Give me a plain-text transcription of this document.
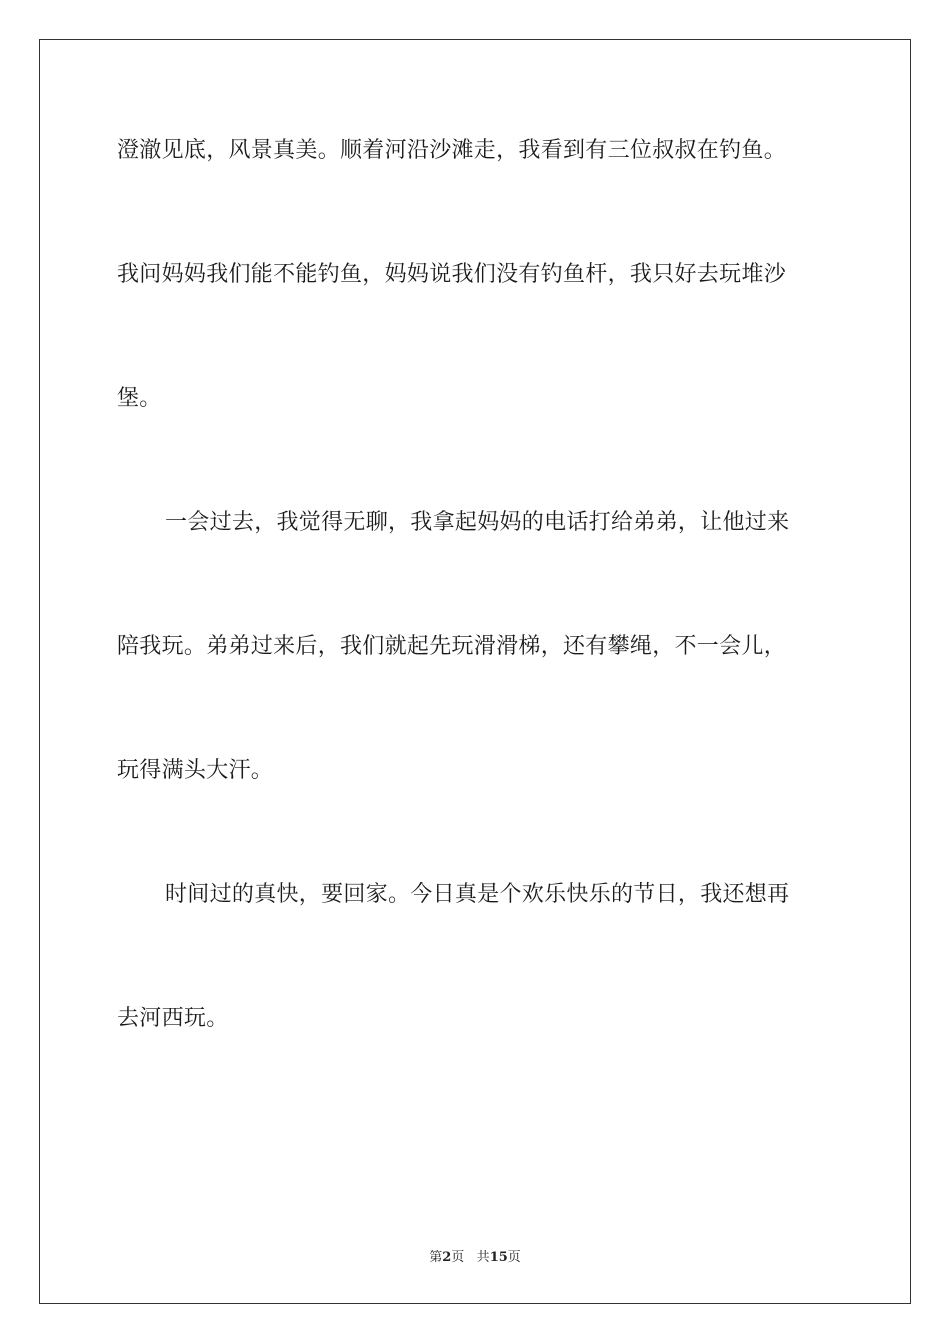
澄澈见底，风景真美。顺着河沿沙滩走，我看到有三位叔叔在钓鱼。
我问妈妈我们能不能钓鱼，妈妈说我们没有钓鱼杆，我只好去玩堆沙
堡。
一会过去，我觉得无聊，我拿起妈妈的电话打给弟弟，让他过来
陪我玩。弟弟过来后，我们就起先玩滑滑梯，还有攀绳，不一会儿，
玩得满头大汗。
时间过的真快，要回家。今日真是个欢乐快乐的节日，我还想再
去河西玩。
第2页 共15页
